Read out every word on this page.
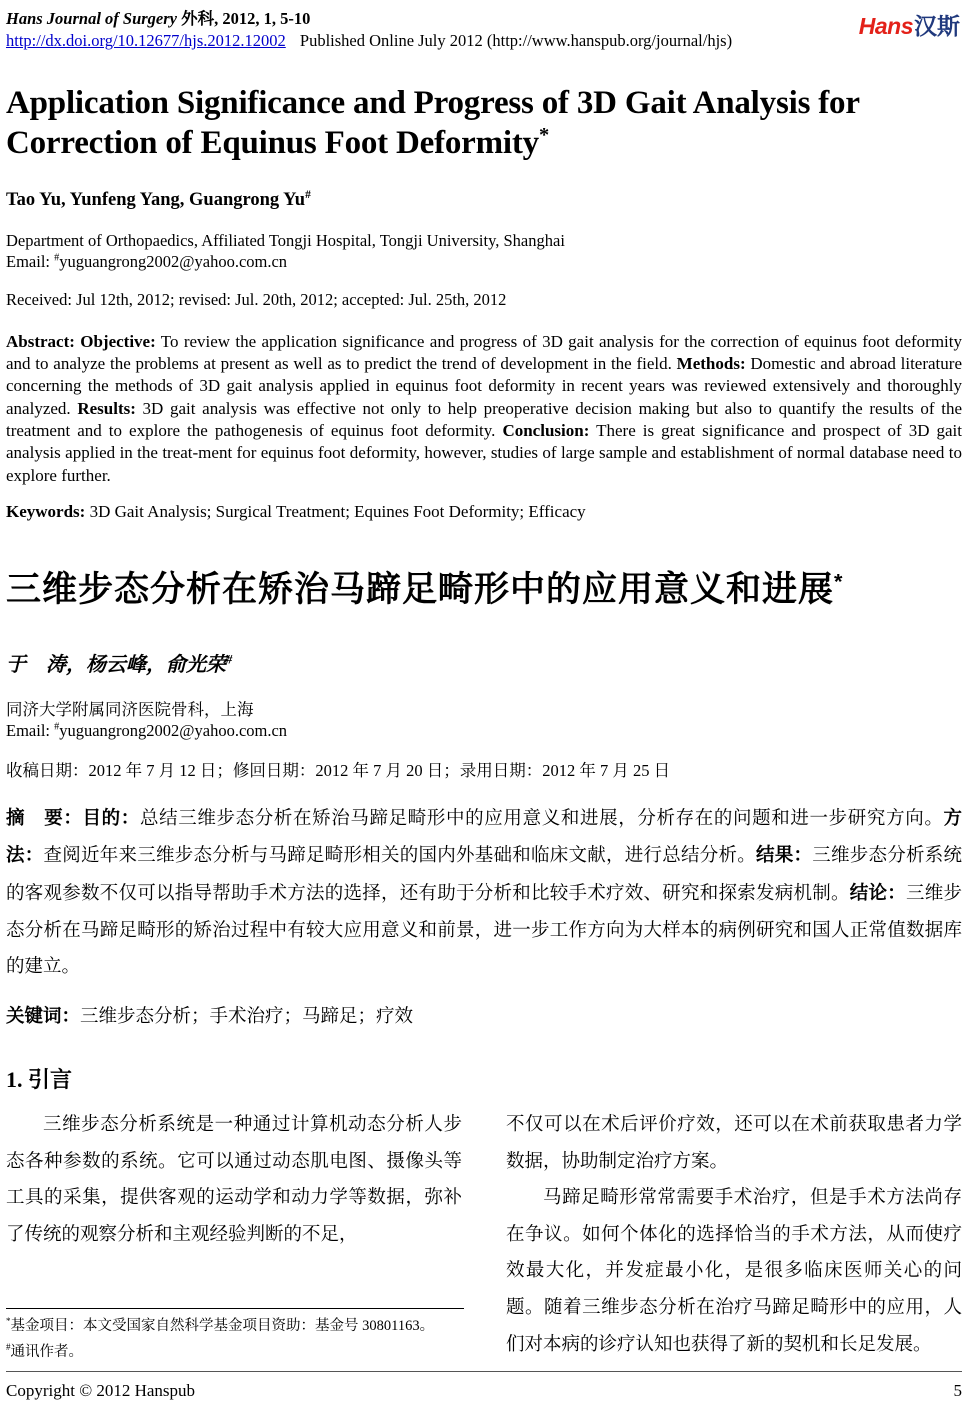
Hans Journal of Surgery 外科, 2012, 1, 5-10
http://dx.doi.org/10.12677/hjs.2012.12002 Published Online July 2012 (http://www.hanspub.org/journal/hjs)
Hans汉斯
Application Significance and Progress of 3D Gait Analysis for Correction of Equinus Foot Deformity*
Tao Yu, Yunfeng Yang, Guangrong Yu#
Department of Orthopaedics, Affiliated Tongji Hospital, Tongji University, Shanghai
Email: #yuguangrong2002@yahoo.com.cn
Received: Jul 12th, 2012; revised: Jul. 20th, 2012; accepted: Jul. 25th, 2012

Abstract: Objective: To review the application significance and progress of 3D gait analysis for the correction of equinus foot deformity and to analyze the problems at present as well as to predict the trend of development in the field. Methods: Domestic and abroad literature concerning the methods of 3D gait analysis applied in equinus foot deformity in recent years was reviewed extensively and thoroughly analyzed. Results: 3D gait analysis was effective not only to help preoperative decision making but also to quantify the results of the treatment and to explore the pathogenesis of equinus foot deformity. Conclusion: There is great significance and prospect of 3D gait analysis applied in the treat-ment for equinus foot deformity, however, studies of large sample and establishment of normal database need to explore further.

Keywords: 3D Gait Analysis; Surgical Treatment; Equines Foot Deformity; Efficacy

三维步态分析在矫治马蹄足畸形中的应用意义和进展*
于　涛，杨云峰，俞光荣#
同济大学附属同济医院骨科，上海
Email: #yuguangrong2002@yahoo.com.cn
收稿日期：2012 年 7 月 12 日；修回日期：2012 年 7 月 20 日；录用日期：2012 年 7 月 25 日

摘　要：目的：总结三维步态分析在矫治马蹄足畸形中的应用意义和进展，分析存在的问题和进一步研究方向。方法：查阅近年来三维步态分析与马蹄足畸形相关的国内外基础和临床文献，进行总结分析。结果：三维步态分析系统的客观参数不仅可以指导帮助手术方法的选择，还有助于分析和比较手术疗效、研究和探索发病机制。结论：三维步态分析在马蹄足畸形的矫治过程中有较大应用意义和前景，进一步工作方向为大样本的病例研究和国人正常值数据库的建立。

关键词：三维步态分析；手术治疗；马蹄足；疗效

1. 引言

三维步态分析系统是一种通过计算机动态分析人步态各种参数的系统。它可以通过动态肌电图、摄像头等工具的采集，提供客观的运动学和动力学等数据，弥补了传统的观察分析和主观经验判断的不足，

不仅可以在术后评价疗效，还可以在术前获取患者力学数据，协助制定治疗方案。

马蹄足畸形常常需要手术治疗，但是手术方法尚存在争议。如何个体化的选择恰当的手术方法，从而使疗效最大化，并发症最小化，是很多临床医师关心的问题。随着三维步态分析在治疗马蹄足畸形中的应用，人们对本病的诊疗认知也获得了新的契机和长足发展。

*基金项目：本文受国家自然科学基金项目资助：基金号 30801163。
#通讯作者。
Copyright © 2012 Hanspub	5
